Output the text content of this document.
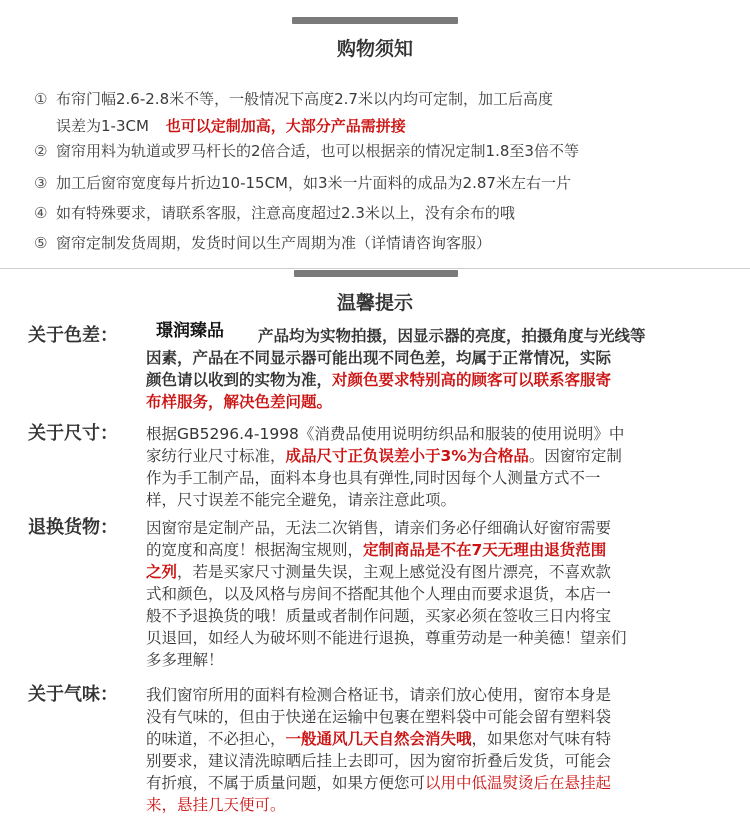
购物须知
① 布帘门幅2.6-2.8米不等，一般情况下高度2.7米以内均可定制，加工后高度
误差为1-3CM 也可以定制加高，大部分产品需拼接
② 窗帘用料为轨道或罗马杆长的2倍合适，也可以根据亲的情况定制1.8至3倍不等
③ 加工后窗帘宽度每片折边10-15CM，如3米一片面料的成品为2.87米左右一片
④ 如有特殊要求，请联系客服，注意高度超过2.3米以上，没有余布的哦
⑤ 窗帘定制发货周期，发货时间以生产周期为准（详情请咨询客服）
温馨提示
关于色差： 璟润臻品 产品均为实物拍摄，因显示器的亮度，拍摄角度与光线等
因素，产品在不同显示器可能出现不同色差，均属于正常情况，实际
颜色请以收到的实物为准，对颜色要求特别高的顾客可以联系客服寄
布样服务，解决色差问题。
关于尺寸： 根据GB5296.4-1998《消费品使用说明纺织品和服装的使用说明》中
家纺行业尺寸标准，成品尺寸正负误差小于3%为合格品。因窗帘定制
作为手工制产品，面料本身也具有弹性,同时因每个人测量方式不一
样，尺寸误差不能完全避免，请亲注意此项。
退换货物： 因窗帘是定制产品，无法二次销售，请亲们务必仔细确认好窗帘需要
的宽度和高度！根据淘宝规则，定制商品是不在7天无理由退货范围
之列，若是买家尺寸测量失误，主观上感觉没有图片漂亮，不喜欢款
式和颜色，以及风格与房间不搭配其他个人理由而要求退货，本店一
般不予退换货的哦！质量或者制作问题，买家必须在签收三日内将宝
贝退回，如经人为破坏则不能进行退换，尊重劳动是一种美德！望亲们
多多理解！
关于气味： 我们窗帘所用的面料有检测合格证书，请亲们放心使用，窗帘本身是
没有气味的，但由于快递在运输中包裹在塑料袋中可能会留有塑料袋
的味道，不必担心，一般通风几天自然会消失哦，如果您对气味有特
别要求，建议清洗晾晒后挂上去即可，因为窗帘折叠后发货，可能会
有折痕，不属于质量问题，如果方便您可以用中低温熨烫后在悬挂起
来，悬挂几天便可。
